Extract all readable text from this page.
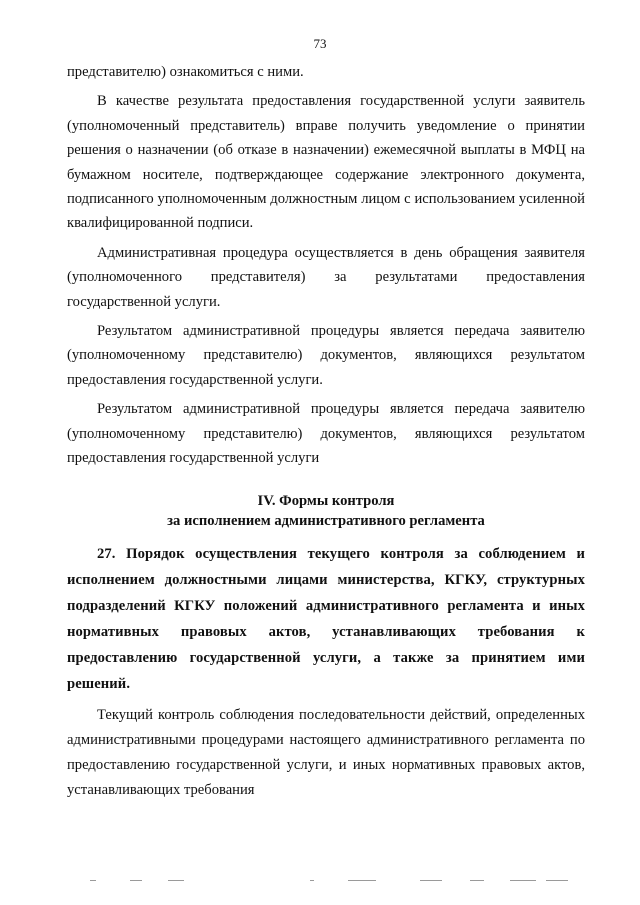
73

представителю) ознакомиться с ними.

В качестве результата предоставления государственной услуги заявитель (уполномоченный представитель) вправе получить уведомление о принятии решения о назначении (об отказе в назначении) ежемесячной выплаты в МФЦ на бумажном носителе, подтверждающее содержание электронного документа, подписанного уполномоченным должностным лицом с использованием усиленной квалифицированной подписи.

Административная процедура осуществляется в день обращения заявителя (уполномоченного представителя) за результатами предоставления государственной услуги.

Результатом административной процедуры является передача заявителю (уполномоченному представителю) документов, являющихся результатом предоставления государственной услуги.

Результатом административной процедуры является передача заявителю (уполномоченному представителю) документов, являющихся результатом предоставления государственной услуги

IV. Формы контроля
за исполнением административного регламента

27. Порядок осуществления текущего контроля за соблюдением и исполнением должностными лицами министерства, КГКУ, структурных подразделений КГКУ положений административного регламента и иных нормативных правовых актов, устанавливающих требования к предоставлению государственной услуги, а также за принятием ими решений.

Текущий контроль соблюдения последовательности действий, определенных административными процедурами настоящего административного регламента по предоставлению государственной услуги, и иных нормативных правовых актов, устанавливающих требования
